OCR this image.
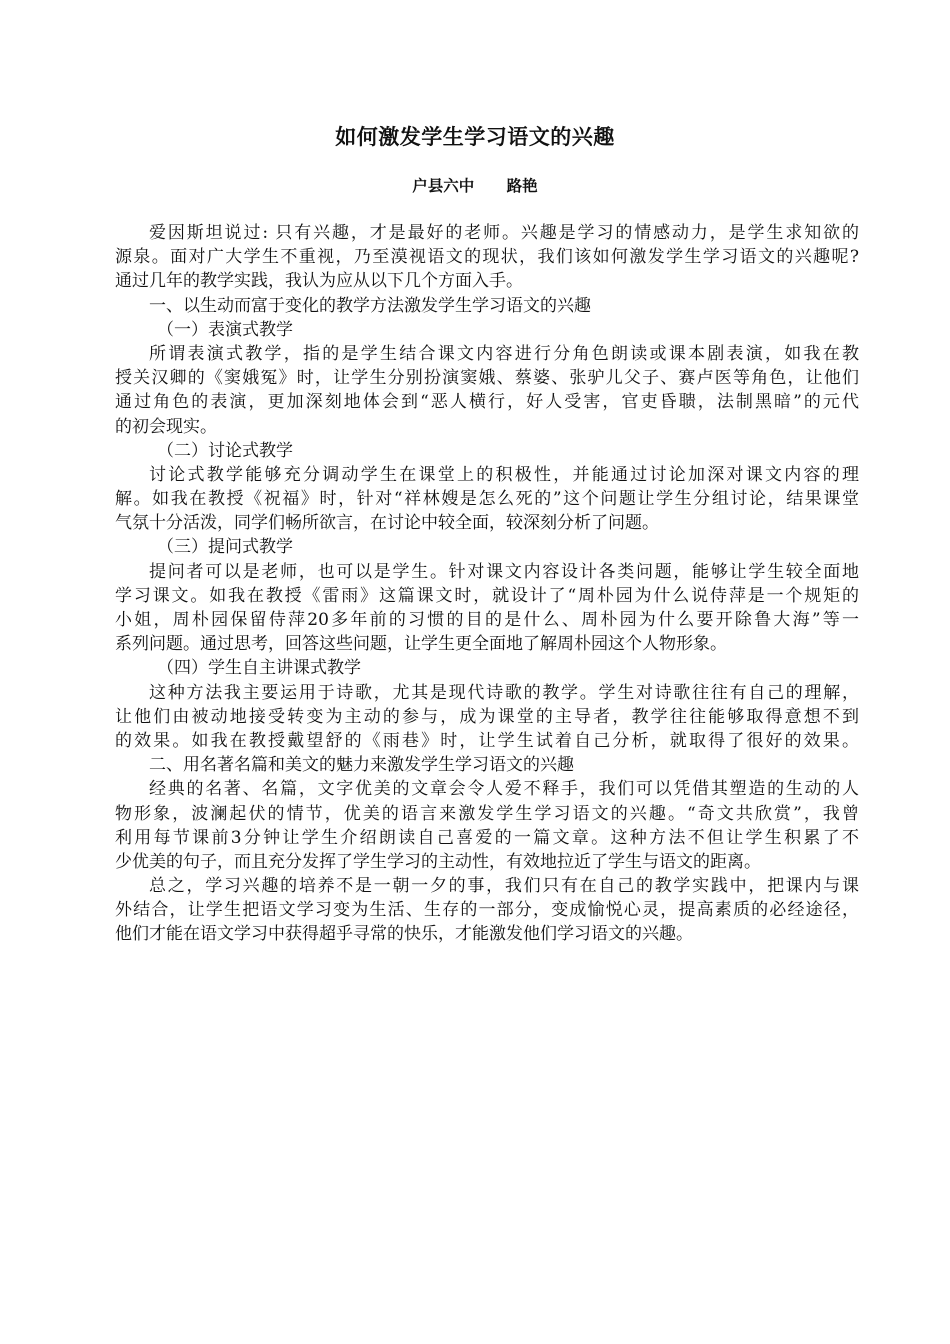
如何激发学生学习语文的兴趣
户县六中      路艳
爱因斯坦说过: 只有兴趣，才是最好的老师。兴趣是学习的情感动力，是学生求知欲的
源泉。面对广大学生不重视，乃至漠视语文的现状，我们该如何激发学生学习语文的兴趣呢?
通过几年的教学实践，我认为应从以下几个方面入手。
一、以生动而富于变化的教学方法激发学生学习语文的兴趣
（一）表演式教学
所谓表演式教学，指的是学生结合课文内容进行分角色朗读或课本剧表演，如我在教
授关汉卿的《窦娥冤》时，让学生分别扮演窦娥、蔡婆、张驴儿父子、赛卢医等角色，让他们
通过角色的表演，更加深刻地体会到“恶人横行，好人受害，官吏昏聩，法制黑暗”的元代
的初会现实。
（二）讨论式教学
讨论式教学能够充分调动学生在课堂上的积极性，并能通过讨论加深对课文内容的理
解。如我在教授《祝福》时，针对“祥林嫂是怎么死的”这个问题让学生分组讨论，结果课堂
气氛十分活泼，同学们畅所欲言，在讨论中较全面，较深刻分析了问题。
（三）提问式教学
提问者可以是老师，也可以是学生。针对课文内容设计各类问题，能够让学生较全面地
学习课文。如我在教授《雷雨》这篇课文时，就设计了“周朴园为什么说侍萍是一个规矩的
小姐，周朴园保留侍萍20多年前的习惯的目的是什么、周朴园为什么要开除鲁大海”等一
系列问题。通过思考，回答这些问题，让学生更全面地了解周朴园这个人物形象。
（四）学生自主讲课式教学
这种方法我主要运用于诗歌，尤其是现代诗歌的教学。学生对诗歌往往有自己的理解，
让他们由被动地接受转变为主动的参与，成为课堂的主导者，教学往往能够取得意想不到
的效果。如我在教授戴望舒的《雨巷》时，让学生试着自己分析，就取得了很好的效果。
二、用名著名篇和美文的魅力来激发学生学习语文的兴趣
经典的名著、名篇，文字优美的文章会令人爱不释手，我们可以凭借其塑造的生动的人
物形象，波澜起伏的情节，优美的语言来激发学生学习语文的兴趣。“奇文共欣赏”，我曾
利用每节课前3分钟让学生介绍朗读自己喜爱的一篇文章。这种方法不但让学生积累了不
少优美的句子，而且充分发挥了学生学习的主动性，有效地拉近了学生与语文的距离。
总之，学习兴趣的培养不是一朝一夕的事，我们只有在自己的教学实践中，把课内与课
外结合，让学生把语文学习变为生活、生存的一部分，变成愉悦心灵，提高素质的必经途径，
他们才能在语文学习中获得超乎寻常的快乐，才能激发他们学习语文的兴趣。
